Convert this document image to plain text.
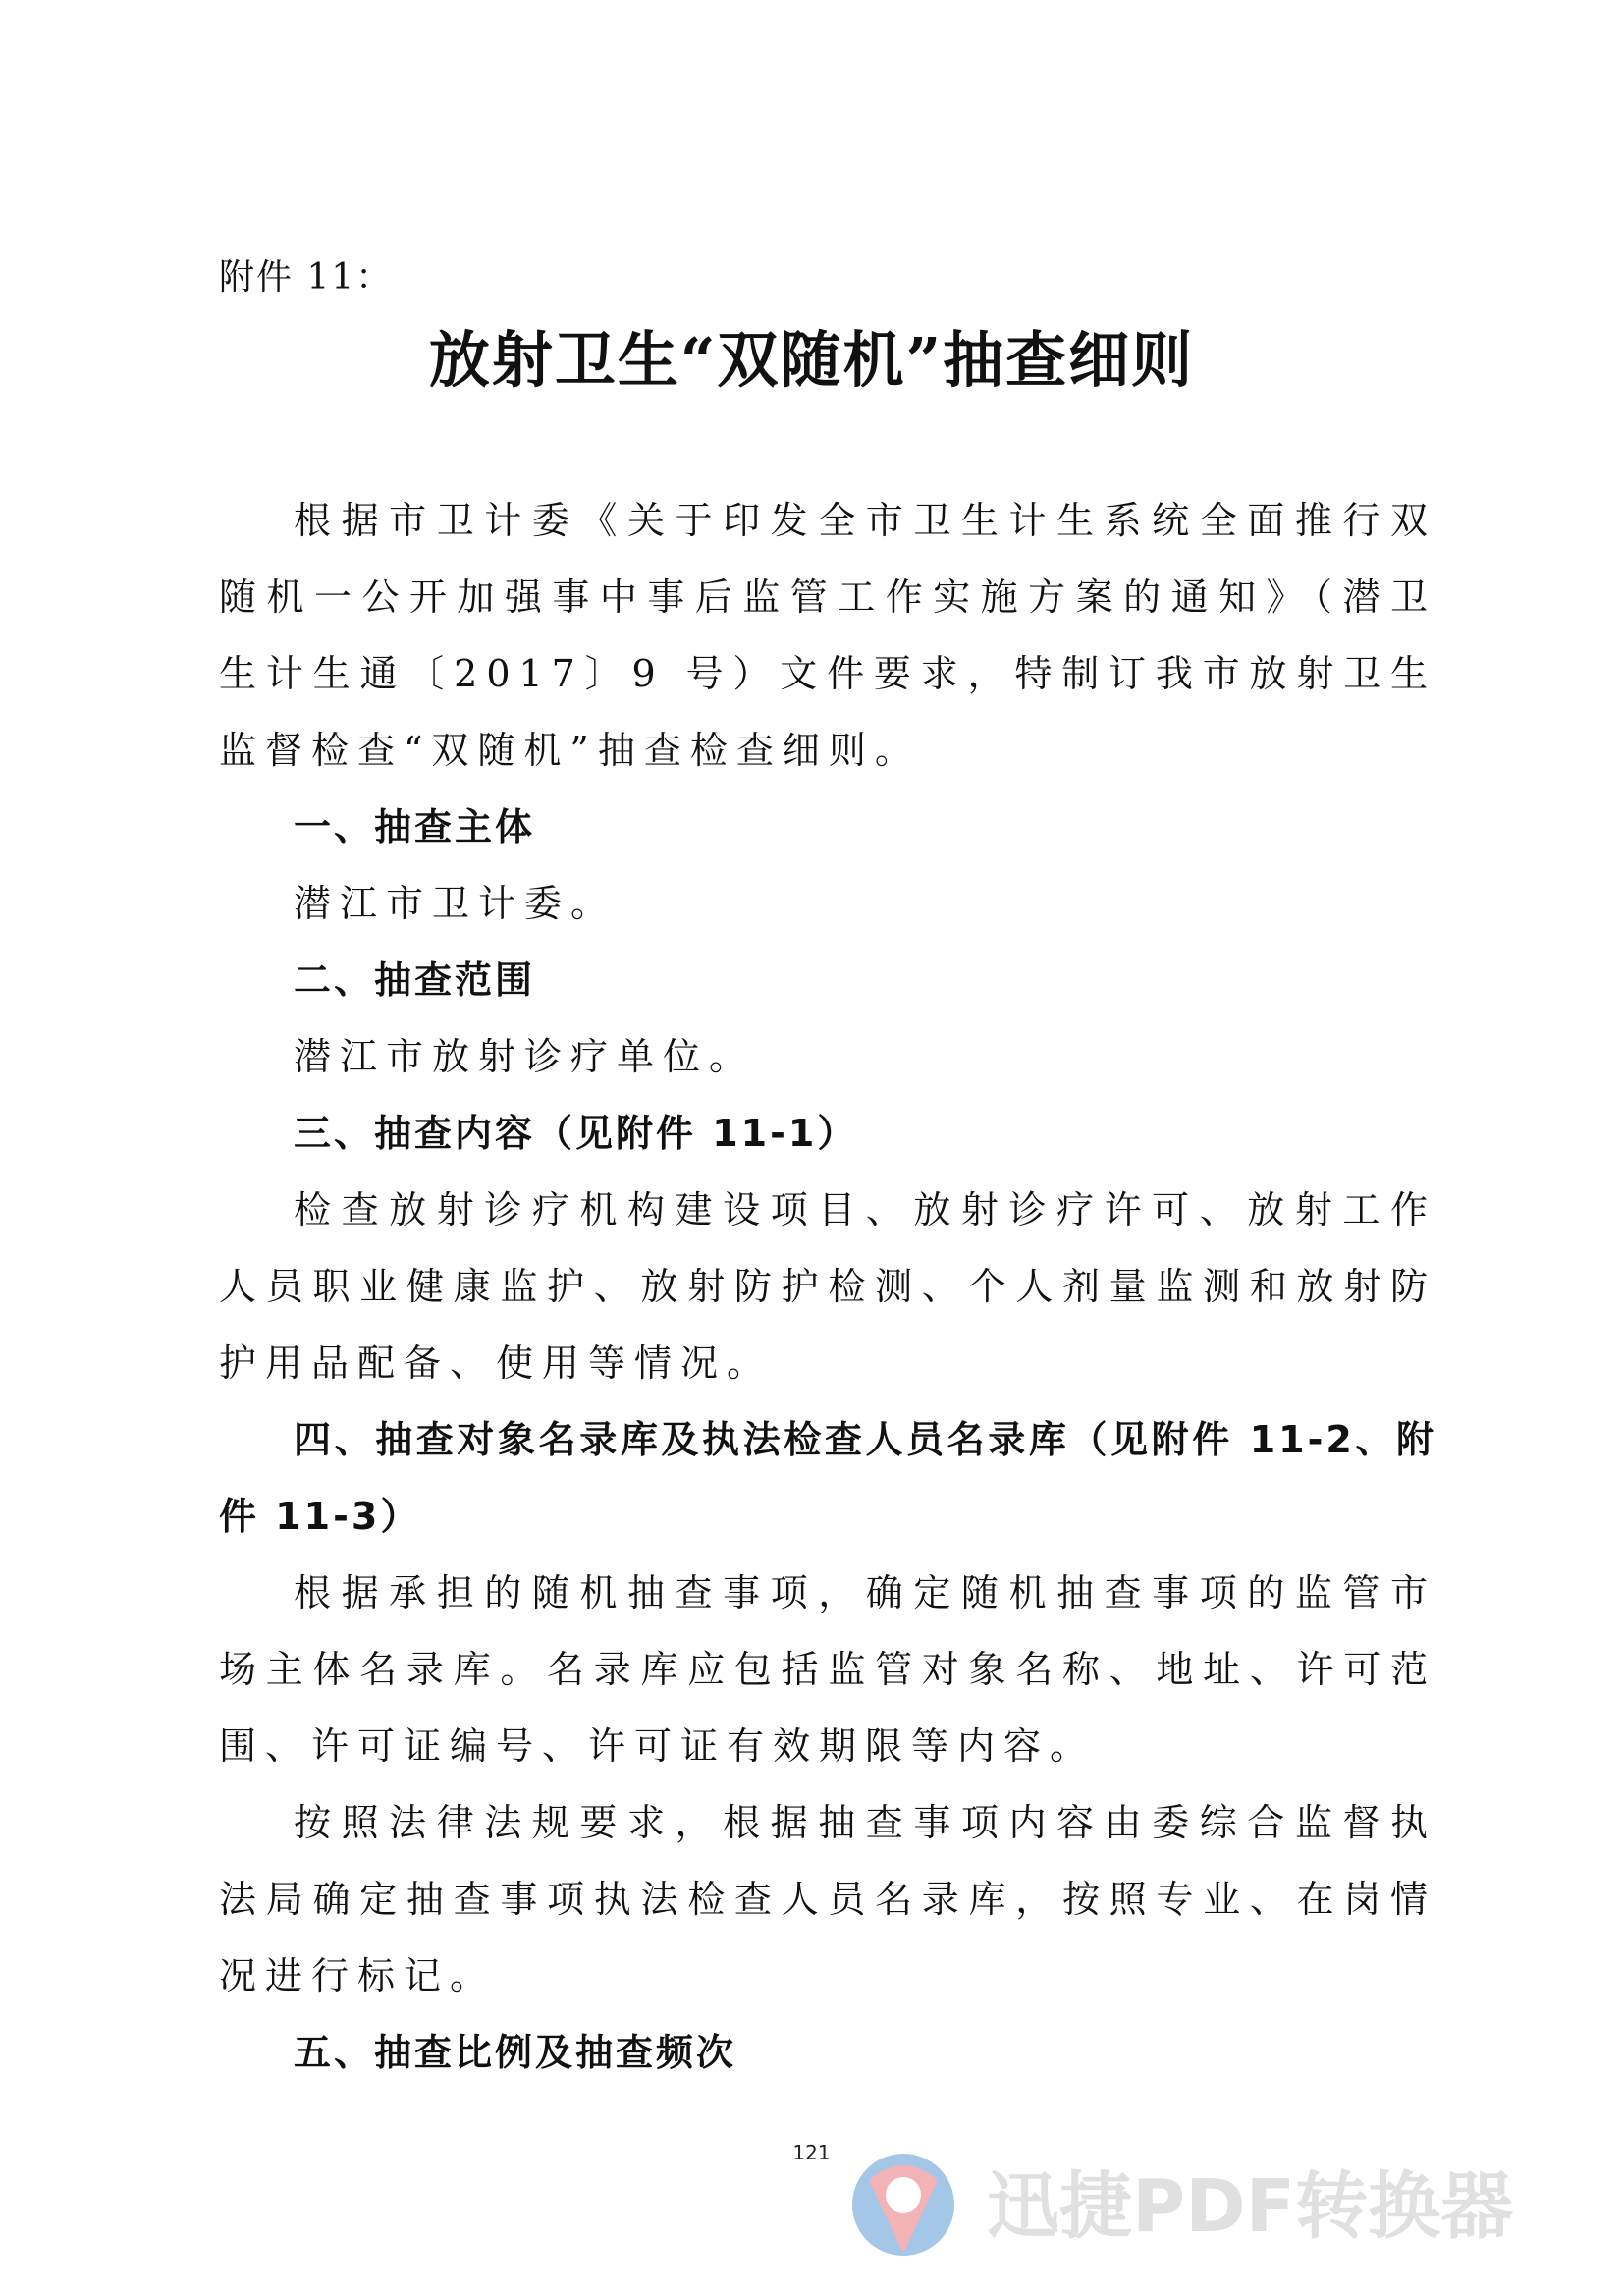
附件 11：
放射卫生“双随机”抽查细则

根据市卫计委《关于印发全市卫生计生系统全面推行双随机一公开加强事中事后监管工作实施方案的通知》（潜卫生计生通〔2017〕9 号）文件要求，特制订我市放射卫生监督检查“双随机”抽查检查细则。

一、抽查主体

潜江市卫计委。

二、抽查范围

潜江市放射诊疗单位。

三、抽查内容（见附件 11-1）

检查放射诊疗机构建设项目、放射诊疗许可、放射工作人员职业健康监护、放射防护检测、个人剂量监测和放射防护用品配备、使用等情况。

四、抽查对象名录库及执法检查人员名录库（见附件 11-2、附件 11-3）

根据承担的随机抽查事项，确定随机抽查事项的监管市场主体名录库。名录库应包括监管对象名称、地址、许可范围、许可证编号、许可证有效期限等内容。

按照法律法规要求，根据抽查事项内容由委综合监督执法局确定抽查事项执法检查人员名录库，按照专业、在岗情况进行标记。

五、抽查比例及抽查频次

121
迅捷PDF转换器
